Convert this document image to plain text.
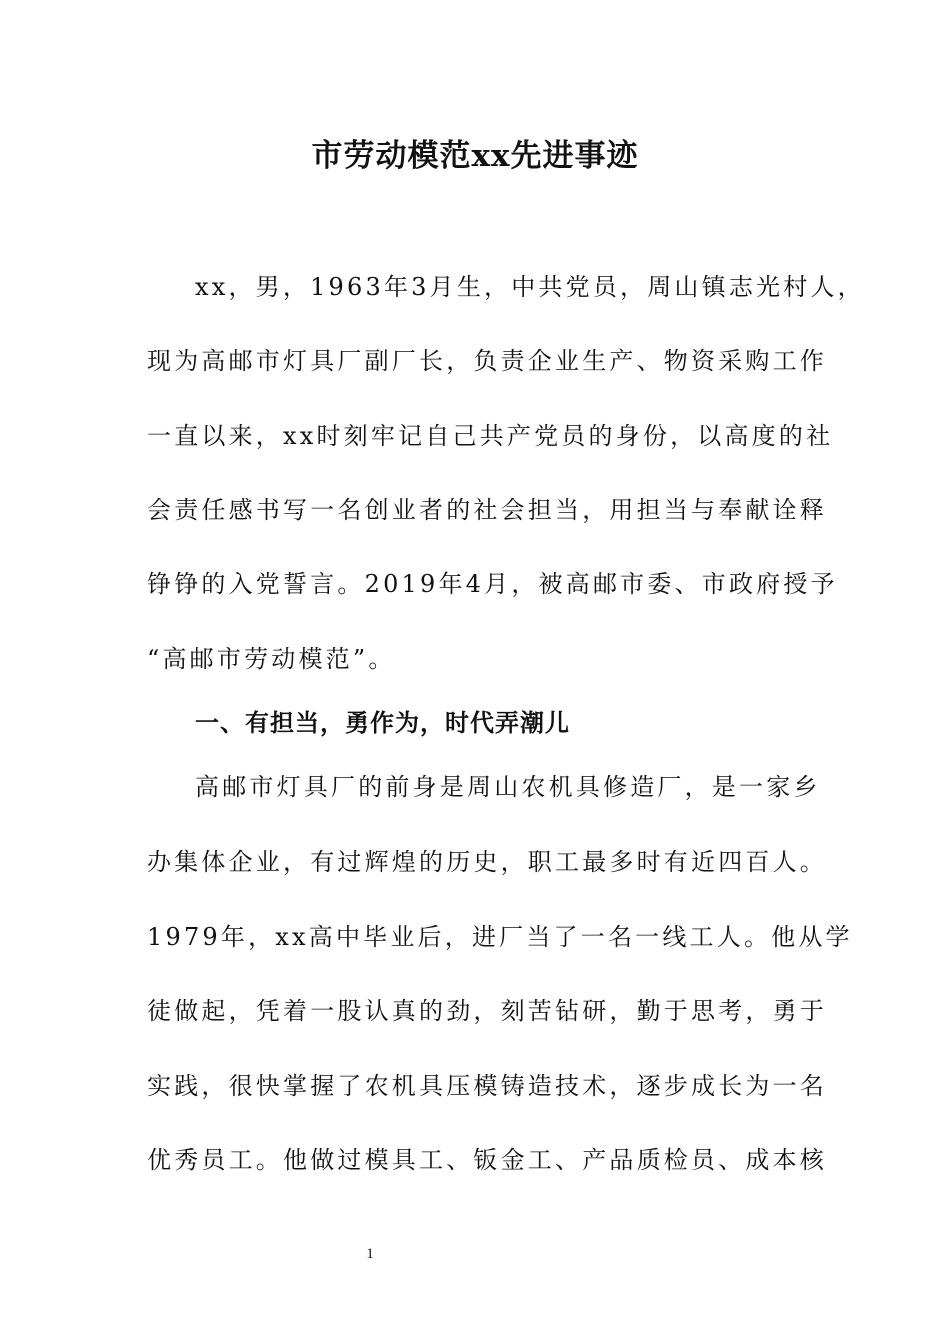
市劳动模范xx先进事迹

xx，男，1963年3月生，中共党员，周山镇志光村人，

现为高邮市灯具厂副厂长，负责企业生产、物资采购工作

一直以来，xx时刻牢记自己共产党员的身份，以高度的社

会责任感书写一名创业者的社会担当，用担当与奉献诠释

铮铮的入党誓言。2019年4月，被高邮市委、市政府授予

“高邮市劳动模范”。

一、有担当，勇作为，时代弄潮儿

高邮市灯具厂的前身是周山农机具修造厂，是一家乡

办集体企业，有过辉煌的历史，职工最多时有近四百人。

1979年，xx高中毕业后，进厂当了一名一线工人。他从学

徒做起，凭着一股认真的劲，刻苦钻研，勤于思考，勇于

实践，很快掌握了农机具压模铸造技术，逐步成长为一名

优秀员工。他做过模具工、钣金工、产品质检员、成本核

1
